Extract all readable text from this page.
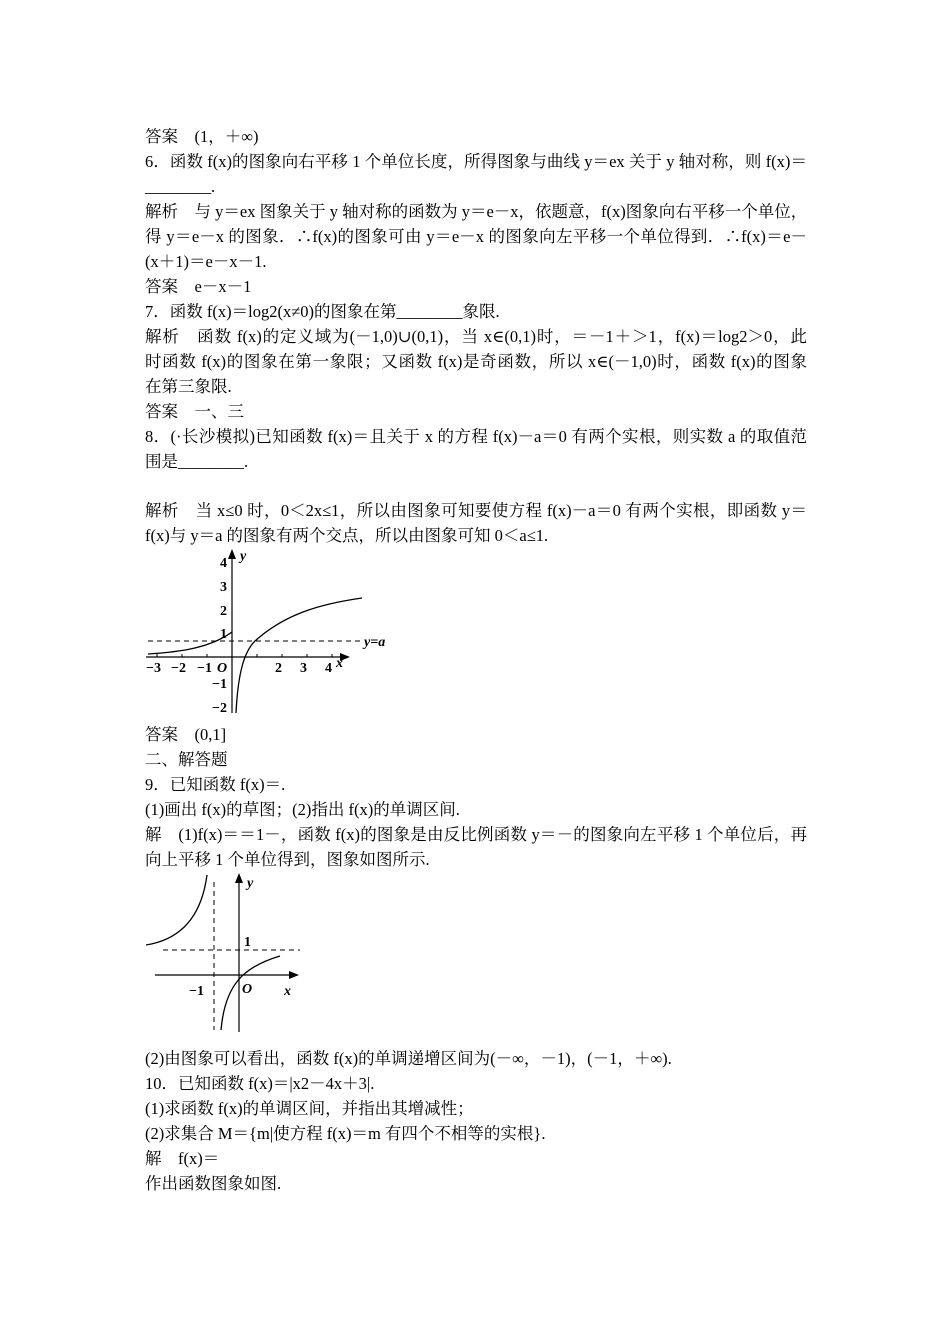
答案　(1，＋∞)
6．函数 f(x)的图象向右平移 1 个单位长度，所得图象与曲线 y＝ex 关于 y 轴对称，则 f(x)＝
________.
解析　与 y＝ex 图象关于 y 轴对称的函数为 y＝e－x，依题意，f(x)图象向右平移一个单位，
得 y＝e－x 的图象．∴f(x)的图象可由 y＝e－x 的图象向左平移一个单位得到．∴f(x)＝e－
(x＋1)＝e－x－1.
答案　e－x－1
7．函数 f(x)＝log2(x≠0)的图象在第________象限.
解析　函数 f(x)的定义域为(－1,0)∪(0,1)，当 x∈(0,1)时，＝－1＋＞1，f(x)＝log2＞0，此
时函数 f(x)的图象在第一象限；又函数 f(x)是奇函数，所以 x∈(－1,0)时，函数 f(x)的图象
在第三象限.
答案　一、三
8．(·长沙模拟)已知函数 f(x)＝且关于 x 的方程 f(x)－a＝0 有两个实根，则实数 a 的取值范
围是________.
解析　当 x≤0 时，0＜2x≤1，所以由图象可知要使方程 f(x)－a＝0 有两个实根，即函数 y＝
f(x)与 y＝a 的图象有两个交点，所以由图象可知 0＜a≤1.
−3 −2 −1 O	2 3 4 x
y
4
3
2
1
−1
−2
y=a
答案　(0,1]
二、解答题
9．已知函数 f(x)＝.
(1)画出 f(x)的草图；(2)指出 f(x)的单调区间.
解　(1)f(x)＝＝1－，函数 f(x)的图象是由反比例函数 y＝－的图象向左平移 1 个单位后，再
向上平移 1 个单位得到，图象如图所示.
−1	O x
y
1
(2)由图象可以看出，函数 f(x)的单调递增区间为(－∞，－1)，(－1，＋∞).
10．已知函数 f(x)＝|x2－4x＋3|.
(1)求函数 f(x)的单调区间，并指出其增减性；
(2)求集合 M＝{m|使方程 f(x)＝m 有四个不相等的实根}.
解　f(x)＝
作出函数图象如图.
